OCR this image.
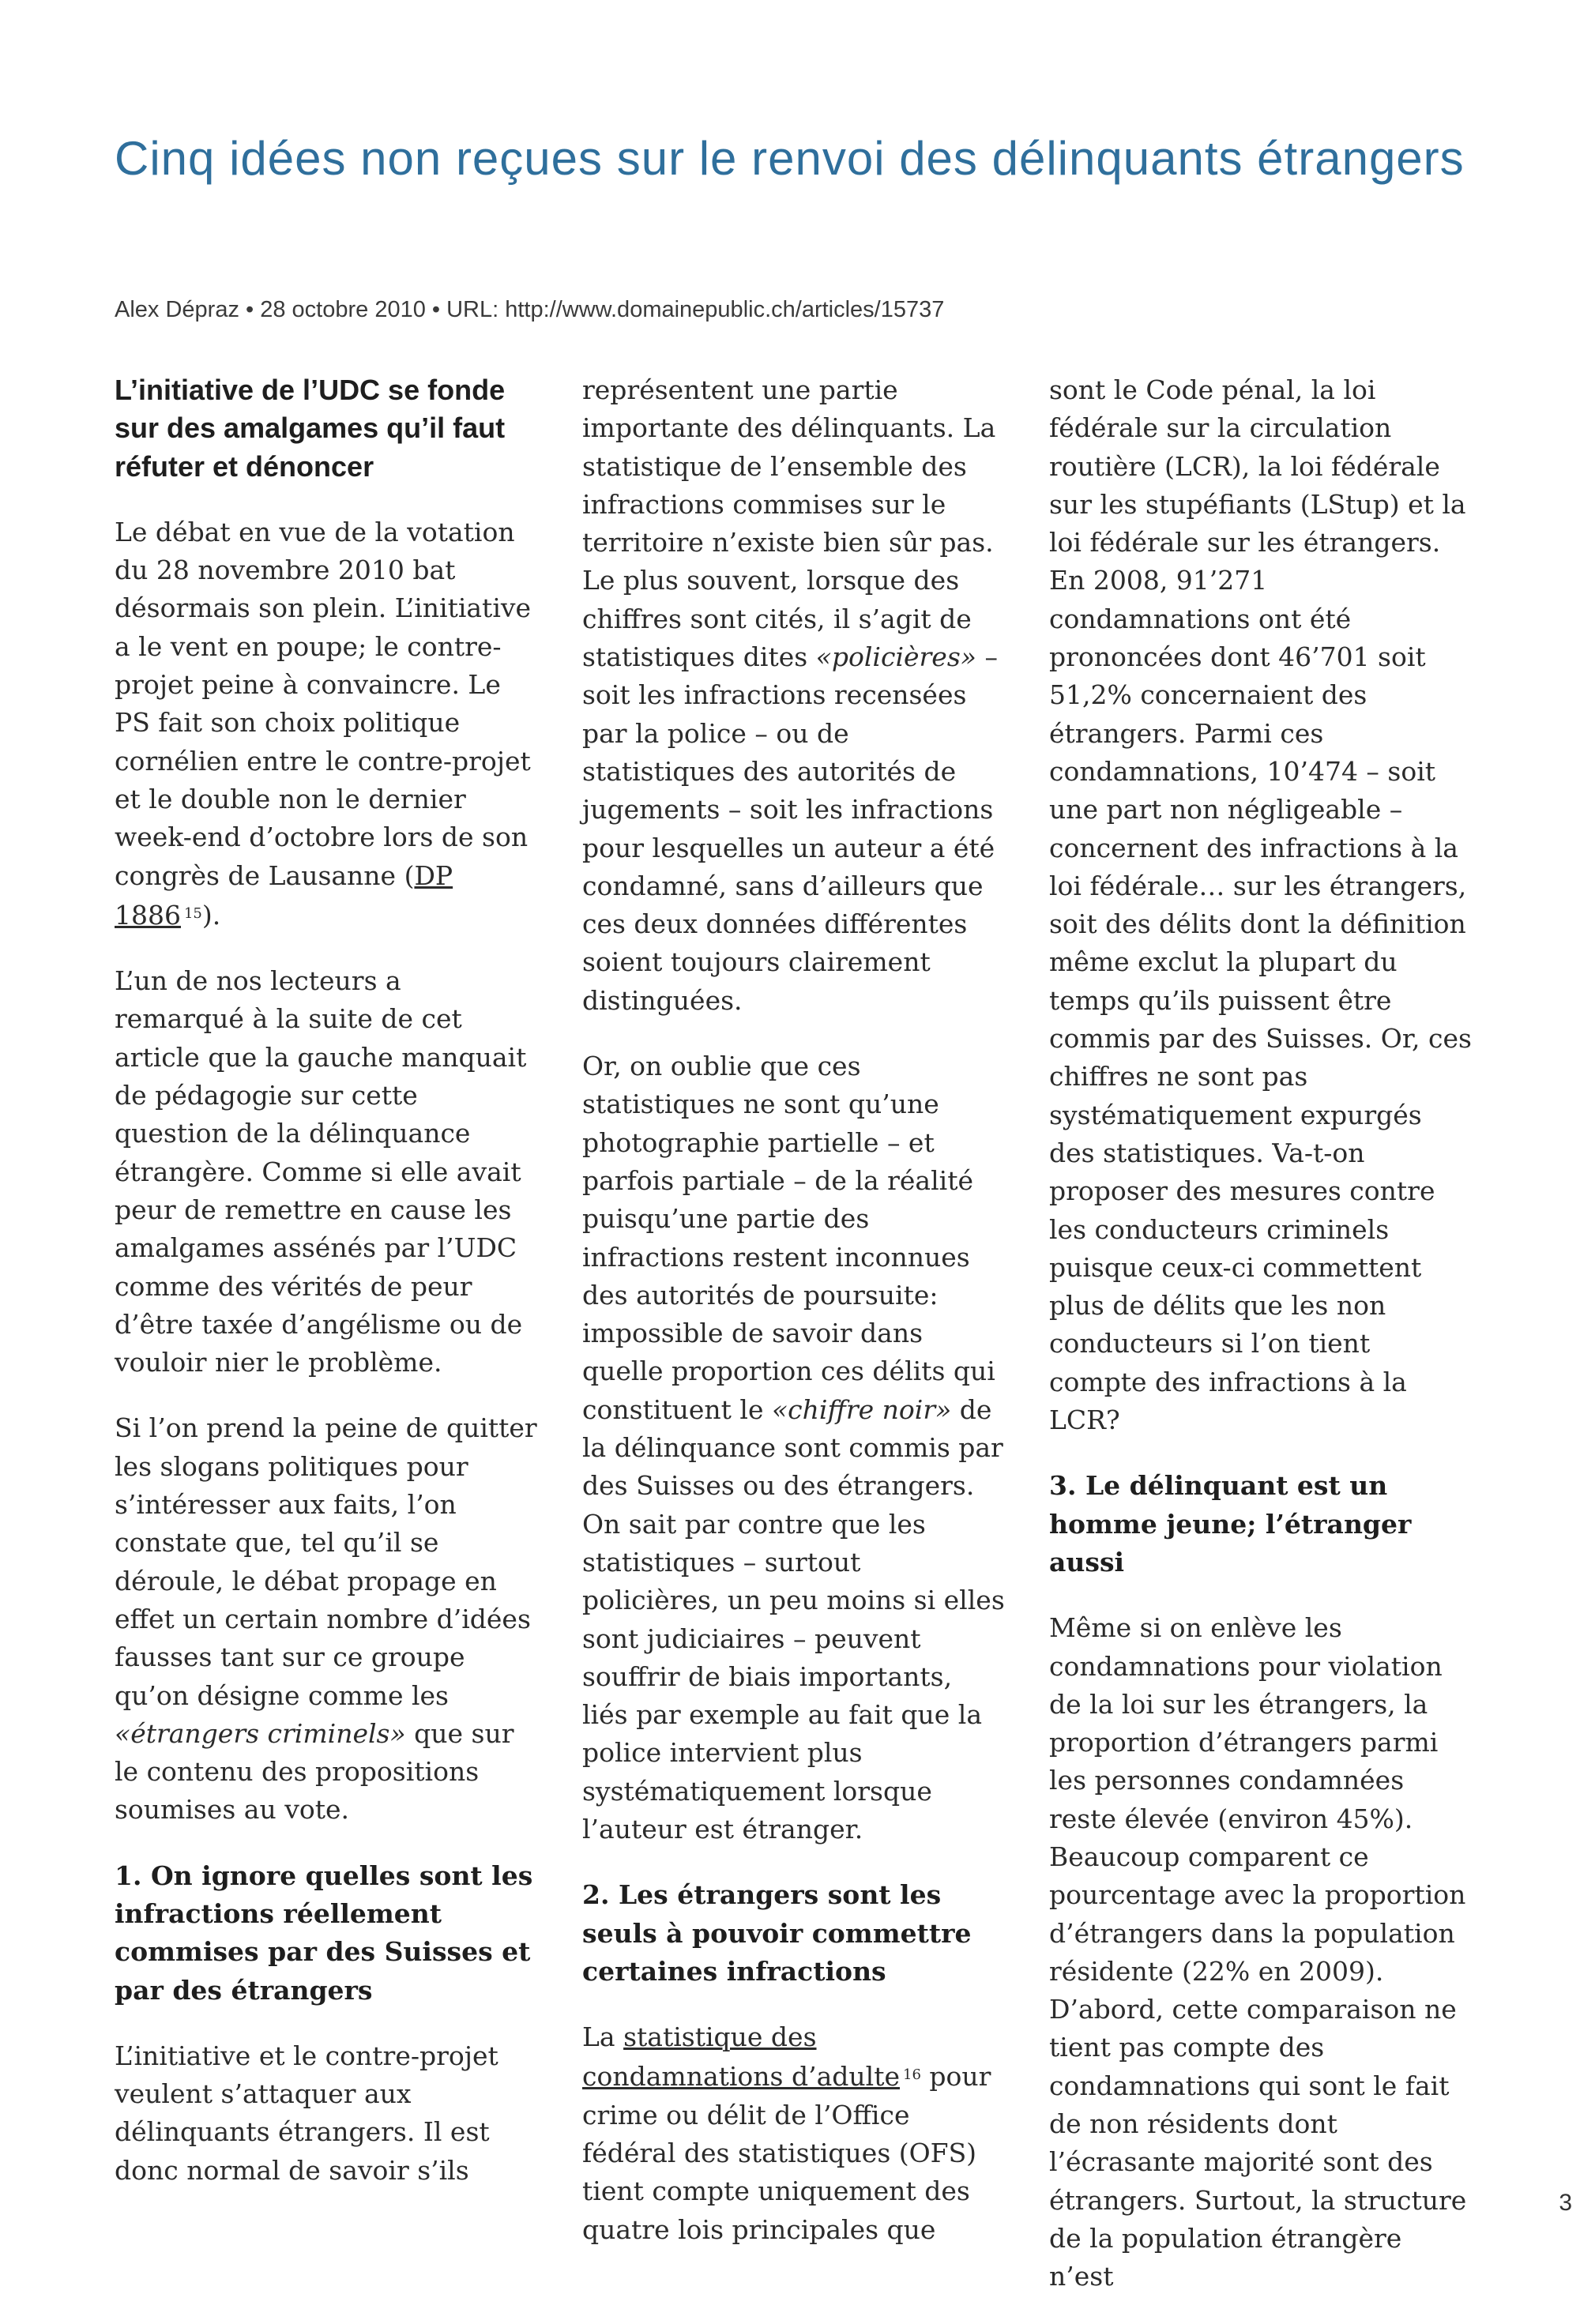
Cinq idées non reçues sur le renvoi des délinquants étrangers

Alex Dépraz • 28 octobre 2010 • URL: http://www.domainepublic.ch/articles/15737

L’initiative de l’UDC se fonde sur des amalgames qu’il faut réfuter et dénoncer

Le débat en vue de la votation du 28 novembre 2010 bat désormais son plein. L’initiative a le vent en poupe; le contre-projet peine à convaincre. Le PS fait son choix politique cornélien entre le contre-projet et le double non le dernier week-end d’octobre lors de son congrès de Lausanne (DP 1886 $^{15}$).

L’un de nos lecteurs a remarqué à la suite de cet article que la gauche manquait de pédagogie sur cette question de la délinquance étrangère. Comme si elle avait peur de remettre en cause les amalgames assénés par l’UDC comme des vérités de peur d’être taxée d’angélisme ou de vouloir nier le problème.

Si l’on prend la peine de quitter les slogans politiques pour s’intéresser aux faits, l’on constate que, tel qu’il se déroule, le débat propage en effet un certain nombre d’idées fausses tant sur ce groupe qu’on désigne comme les «étrangers criminels» que sur le contenu des propositions soumises au vote.

1. On ignore quelles sont les infractions réellement commises par des Suisses et par des étrangers

L’initiative et le contre-projet veulent s’attaquer aux délinquants étrangers. Il est donc normal de savoir s’ils

représentent une partie importante des délinquants. La statistique de l’ensemble des infractions commises sur le territoire n’existe bien sûr pas. Le plus souvent, lorsque des chiffres sont cités, il s’agit de statistiques dites «policières» – soit les infractions recensées par la police – ou de statistiques des autorités de jugements – soit les infractions pour lesquelles un auteur a été condamné, sans d’ailleurs que ces deux données différentes soient toujours clairement distinguées.

Or, on oublie que ces statistiques ne sont qu’une photographie partielle – et parfois partiale – de la réalité puisqu’une partie des infractions restent inconnues des autorités de poursuite: impossible de savoir dans quelle proportion ces délits qui constituent le «chiffre noir» de la délinquance sont commis par des Suisses ou des étrangers. On sait par contre que les statistiques – surtout policières, un peu moins si elles sont judiciaires – peuvent souffrir de biais importants, liés par exemple au fait que la police intervient plus systématiquement lorsque l’auteur est étranger.

2. Les étrangers sont les seuls à pouvoir commettre certaines infractions

La statistique des condamnations d’adulte $^{16}$ pour crime ou délit de l’Office fédéral des statistiques (OFS) tient compte uniquement des quatre lois principales que

sont le Code pénal, la loi fédérale sur la circulation routière (LCR), la loi fédérale sur les stupéfiants (LStup) et la loi fédérale sur les étrangers. En 2008, 91’271 condamnations ont été prononcées dont 46’701 soit 51,2% concernaient des étrangers. Parmi ces condamnations, 10’474 – soit une part non négligeable – concernent des infractions à la loi fédérale… sur les étrangers, soit des délits dont la définition même exclut la plupart du temps qu’ils puissent être commis par des Suisses. Or, ces chiffres ne sont pas systématiquement expurgés des statistiques. Va-t-on proposer des mesures contre les conducteurs criminels puisque ceux-ci commettent plus de délits que les non conducteurs si l’on tient compte des infractions à la LCR?

3. Le délinquant est un homme jeune; l’étranger aussi

Même si on enlève les condamnations pour violation de la loi sur les étrangers, la proportion d’étrangers parmi les personnes condamnées reste élevée (environ 45%). Beaucoup comparent ce pourcentage avec la proportion d’étrangers dans la population résidente (22% en 2009). D’abord, cette comparaison ne tient pas compte des condamnations qui sont le fait de non résidents dont l’écrasante majorité sont des étrangers. Surtout, la structure de la population étrangère n’est

3
